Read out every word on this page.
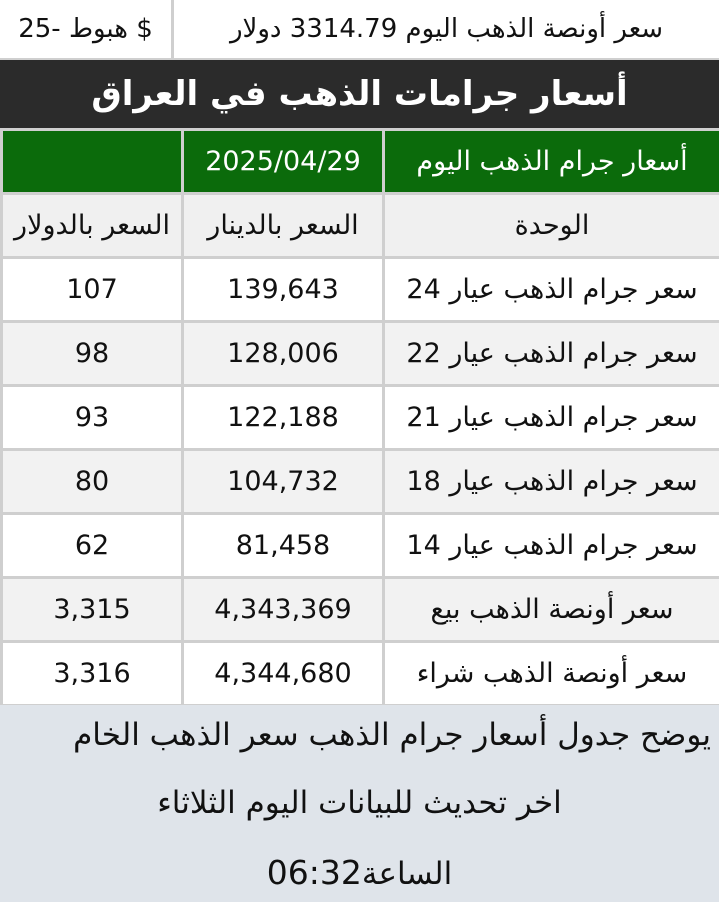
هبوط -25 $	سعر أونصة الذهب اليوم 3314.79 دولار
أسعار جرامات الذهب في العراق
أسعار جرام الذهب اليوم	2025/04/29	
الوحدة	السعر بالدينار	السعر بالدولار
سعر جرام الذهب عيار 24	139,643	107
سعر جرام الذهب عيار 22	128,006	98
سعر جرام الذهب عيار 21	122,188	93
سعر جرام الذهب عيار 18	104,732	80
سعر جرام الذهب عيار 14	81,458	62
سعر أونصة الذهب بيع	4,343,369	3,315
سعر أونصة الذهب شراء	4,344,680	3,316
يوضح جدول أسعار جرام الذهب سعر الذهب الخام
اخر تحديث للبيانات اليوم الثلاثاء
الساعة06:32
